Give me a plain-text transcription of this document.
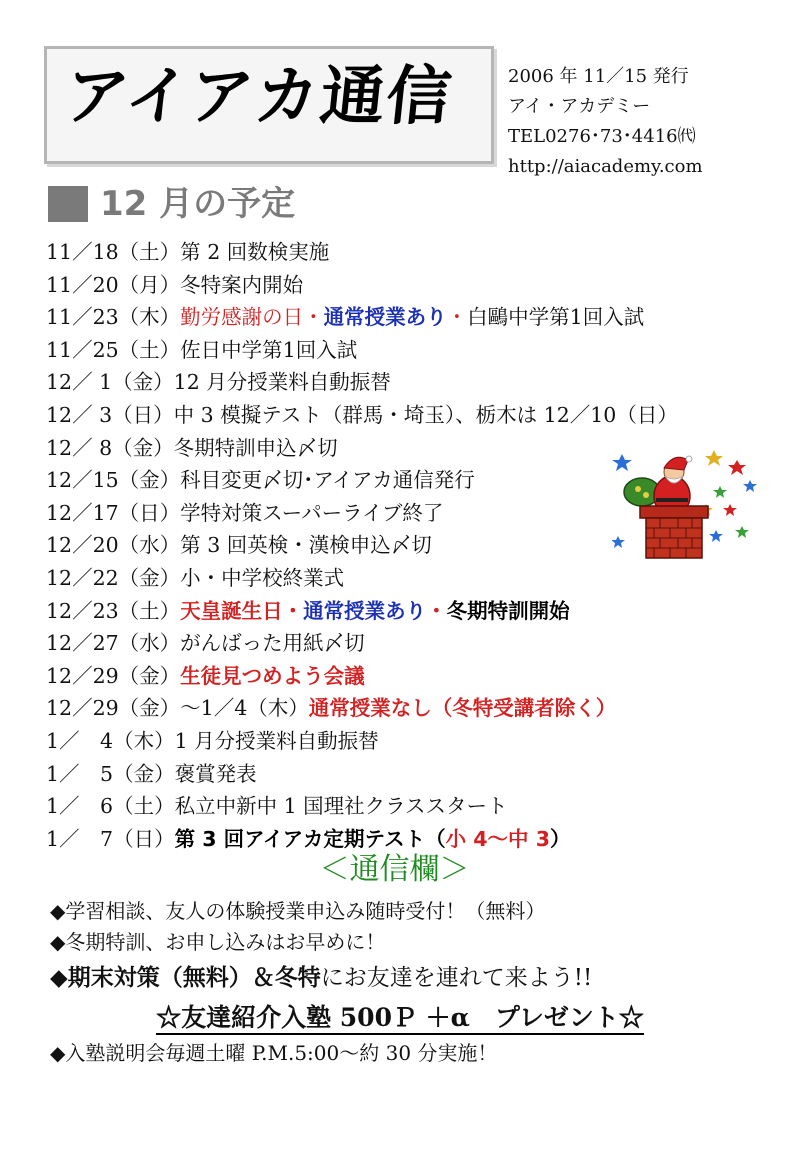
アイアカ通信	2006 年 11／15 発行
アイ・アカデミー
TEL0276･73･4416㈹
http://aiacademy.com
12 月の予定
11／18（土）第 2 回数検実施
11／20（月）冬特案内開始
11／23（木）勤労感謝の日・通常授業あり・白鷗中学第1回入試
11／25（土）佐日中学第1回入試
12／ 1（金）12 月分授業料自動振替
12／ 3（日）中 3 模擬テスト（群馬・埼玉）、栃木は 12／10（日）
12／ 8（金）冬期特訓申込〆切
12／15（金）科目変更〆切･アイアカ通信発行
12／17（日）学特対策スーパーライブ終了
12／20（水）第 3 回英検・漢検申込〆切
12／22（金）小・中学校終業式
12／23（土）天皇誕生日・通常授業あり・冬期特訓開始
12／27（水）がんばった用紙〆切
12／29（金）生徒見つめよう会議
12／29（金）～1／4（木）通常授業なし（冬特受講者除く）
1／　4（木）1 月分授業料自動振替
1／　5（金）褒賞発表
1／　6（土）私立中新中 1 国理社クラススタート
1／　7（日）第 3 回アイアカ定期テスト（小 4～中 3）
＜通信欄＞
◆学習相談、友人の体験授業申込み随時受付！（無料）
◆冬期特訓、お申し込みはお早めに！
◆期末対策（無料）＆冬特にお友達を連れて来よう!!
☆友達紹介入塾 500Ｐ ＋α　プレゼント☆
◆入塾説明会毎週土曜 P.M.5:00～約 30 分実施！
